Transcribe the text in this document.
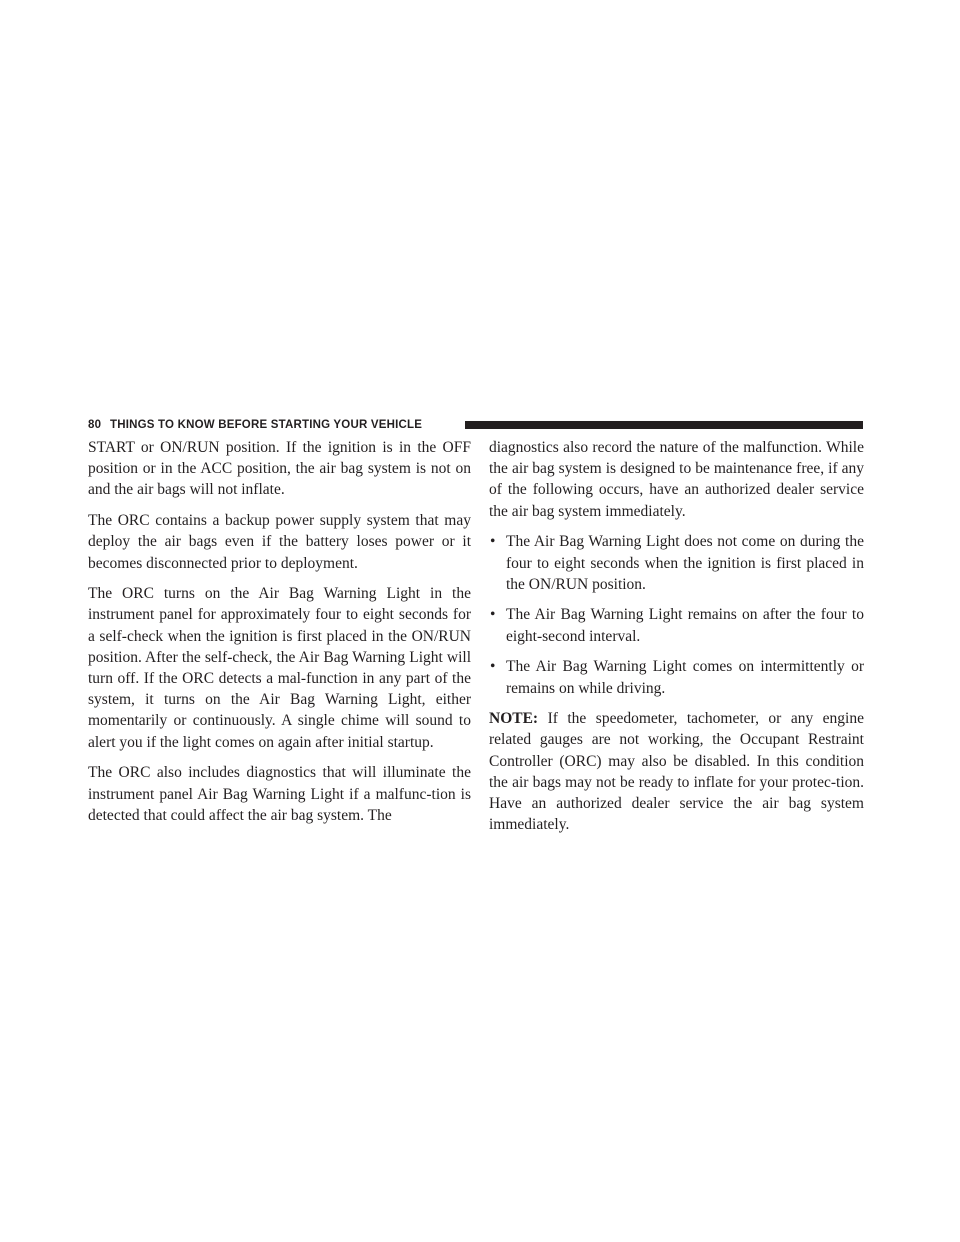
80 THINGS TO KNOW BEFORE STARTING YOUR VEHICLE

START or ON/RUN position. If the ignition is in the OFF position or in the ACC position, the air bag system is not on and the air bags will not inflate.

The ORC contains a backup power supply system that may deploy the air bags even if the battery loses power or it becomes disconnected prior to deployment.

The ORC turns on the Air Bag Warning Light in the instrument panel for approximately four to eight seconds for a self-check when the ignition is first placed in the ON/RUN position. After the self-check, the Air Bag Warning Light will turn off. If the ORC detects a mal-function in any part of the system, it turns on the Air Bag Warning Light, either momentarily or continuously. A single chime will sound to alert you if the light comes on again after initial startup.

The ORC also includes diagnostics that will illuminate the instrument panel Air Bag Warning Light if a malfunc-tion is detected that could affect the air bag system. The

diagnostics also record the nature of the malfunction. While the air bag system is designed to be maintenance free, if any of the following occurs, have an authorized dealer service the air bag system immediately.

• The Air Bag Warning Light does not come on during the four to eight seconds when the ignition is first placed in the ON/RUN position.
• The Air Bag Warning Light remains on after the four to eight-second interval.
• The Air Bag Warning Light comes on intermittently or remains on while driving.

NOTE: If the speedometer, tachometer, or any engine related gauges are not working, the Occupant Restraint Controller (ORC) may also be disabled. In this condition the air bags may not be ready to inflate for your protec-tion. Have an authorized dealer service the air bag system immediately.
